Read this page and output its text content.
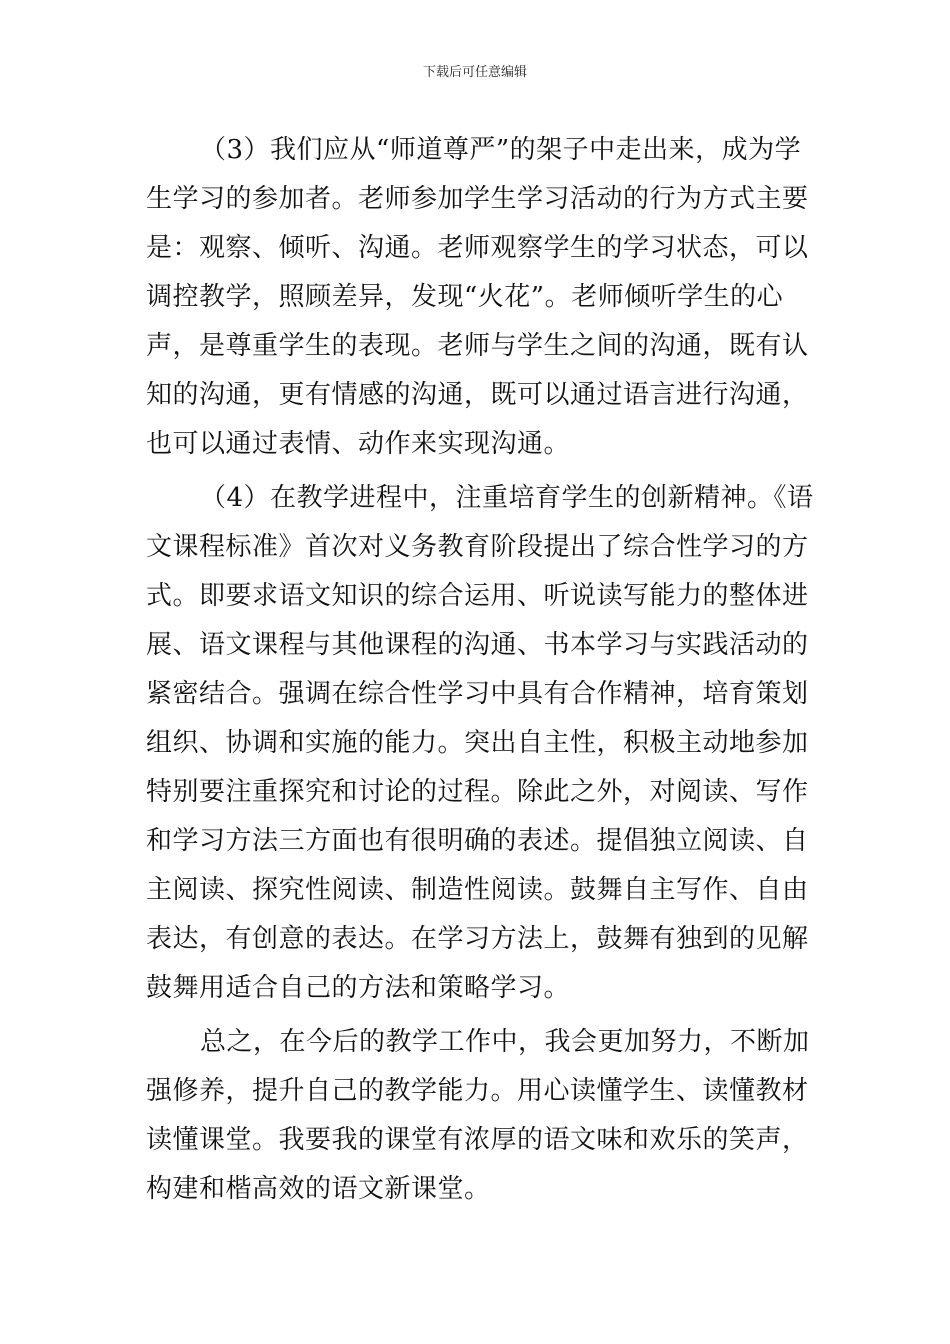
下载后可任意编辑
（3）我们应从“师道尊严”的架子中走出来，成为学
生学习的参加者。老师参加学生学习活动的行为方式主要
是：观察、倾听、沟通。老师观察学生的学习状态，可以
调控教学，照顾差异，发现“火花”。老师倾听学生的心
声，是尊重学生的表现。老师与学生之间的沟通，既有认
知的沟通，更有情感的沟通，既可以通过语言进行沟通，
也可以通过表情、动作来实现沟通。
（4）在教学进程中，注重培育学生的创新精神。《语
文课程标准》首次对义务教育阶段提出了综合性学习的方
式。即要求语文知识的综合运用、听说读写能力的整体进
展、语文课程与其他课程的沟通、书本学习与实践活动的
紧密结合。强调在综合性学习中具有合作精神，培育策划
组织、协调和实施的能力。突出自主性，积极主动地参加
特别要注重探究和讨论的过程。除此之外，对阅读、写作
和学习方法三方面也有很明确的表述。提倡独立阅读、自
主阅读、探究性阅读、制造性阅读。鼓舞自主写作、自由
表达，有创意的表达。在学习方法上，鼓舞有独到的见解
鼓舞用适合自己的方法和策略学习。
总之，在今后的教学工作中，我会更加努力，不断加
强修养，提升自己的教学能力。用心读懂学生、读懂教材
读懂课堂。我要我的课堂有浓厚的语文味和欢乐的笑声，
构建和楷高效的语文新课堂。
